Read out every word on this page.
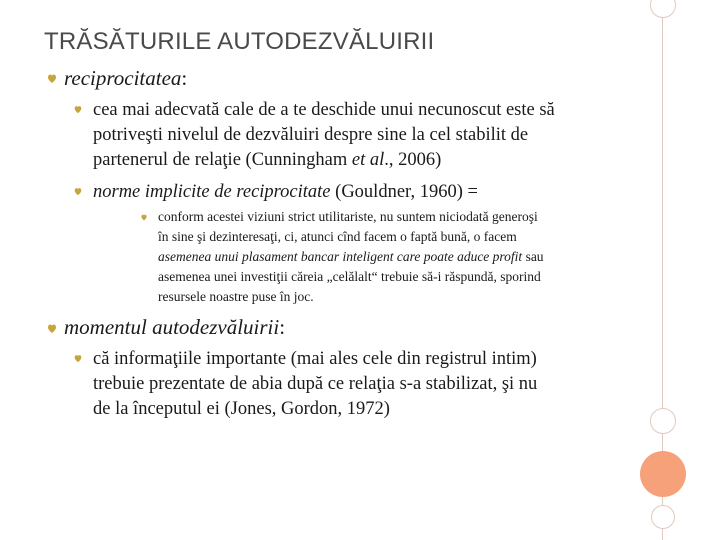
TRĂSĂTURILE AUTODEZVĂLUIRII
reciprocitatea:
cea mai adecvată cale de a te deschide unui necunoscut este să
potriveşti nivelul de dezvăluiri despre sine la cel stabilit de
partenerul de relaţie (Cunningham et al., 2006)
norme implicite de reciprocitate (Gouldner, 1960) =
conform acestei viziuni strict utilitariste, nu suntem niciodată generoşi
în sine şi dezinteresaţi, ci, atunci cînd facem o faptă bună, o facem
asemenea unui plasament bancar inteligent care poate aduce profit sau
asemenea unei investiţii căreia „celălalt“ trebuie să-i răspundă, sporind
resursele noastre puse în joc.
momentul autodezvăluirii:
că informaţiile importante (mai ales cele din registrul intim)
trebuie prezentate de abia după ce relaţia s-a stabilizat, şi nu
de la începutul ei (Jones, Gordon, 1972)
